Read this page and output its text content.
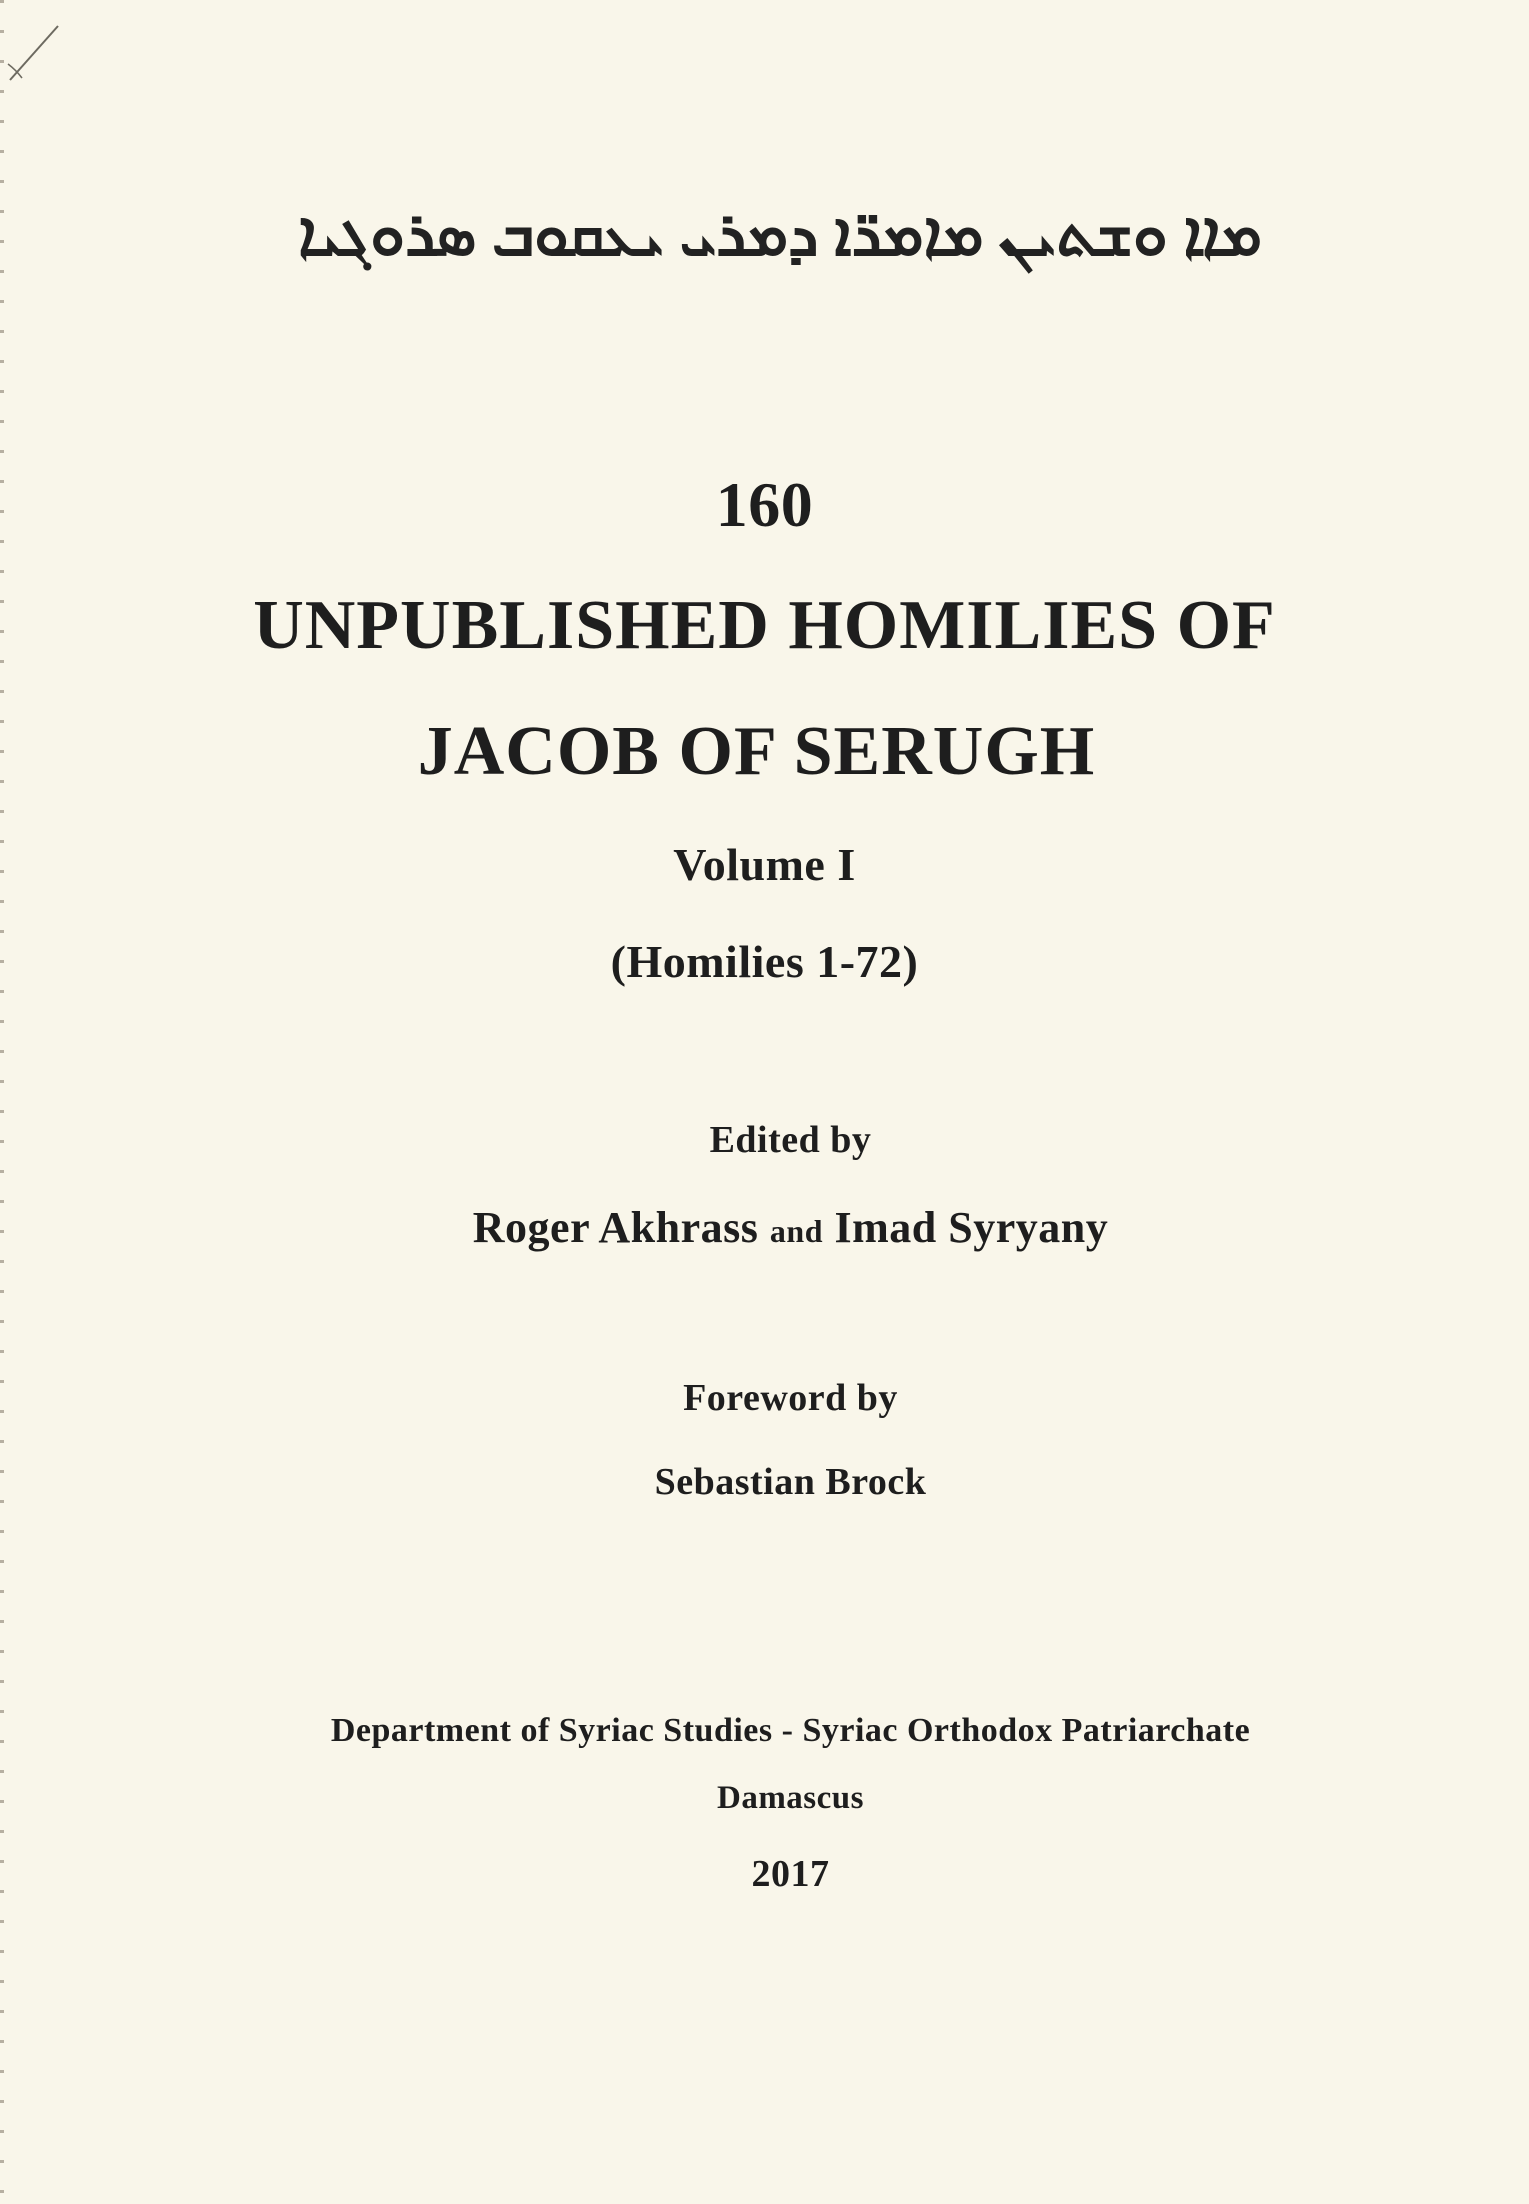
ܡܐܐ ܘܫܬܝܢ ܡܐܡܪ̈ܐ ܕܡܪܝ ܝܥܩܘܒ ܣܪܘܓܝܐ
160
UNPUBLISHED HOMILIES OF
JACOB OF SERUGH
Volume I
(Homilies 1-72)
Edited by
Roger Akhrass and Imad Syryany
Foreword by
Sebastian Brock
Department of Syriac Studies - Syriac Orthodox Patriarchate
Damascus
2017
